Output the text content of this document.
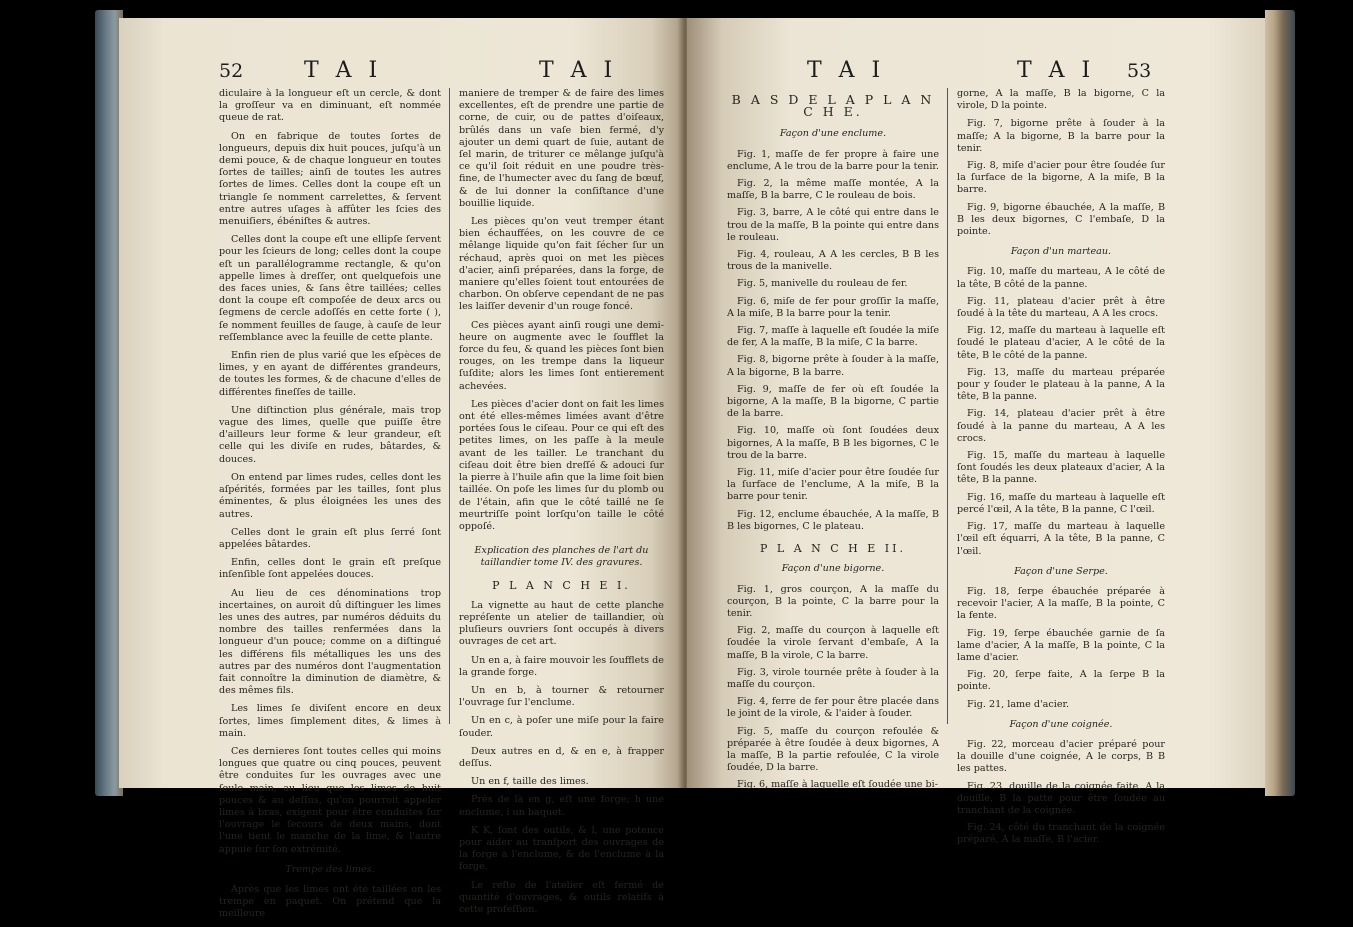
52	T A I	T A I

diculaire à la longueur eſt un cercle, & dont la groſſeur va en diminuant, eſt nommée queue de rat.

On en fabrique de toutes ſortes de longueurs, depuis dix huit pouces, juſqu'à un demi pouce, & de chaque longueur en toutes ſortes de tailles; ainſi de toutes les autres ſortes de limes. Celles dont la coupe eſt un triangle ſe nomment carrelettes, & ſervent entre autres uſages à affûter les ſcies des menuiſiers, ébéniſtes & autres.

Celles dont la coupe eſt une ellipſe ſervent pour les ſcieurs de long; celles dont la coupe eſt un parallélogramme rectangle, & qu'on appelle limes à dreſſer, ont quelquefois une des faces unies, & ſans être taillées; celles dont la coupe eſt compoſée de deux arcs ou ſegmens de cercle adoſſés en cette forte ( ), ſe nomment feuilles de ſauge, à cauſe de leur reſſemblance avec la feuille de cette plante.

Enfin rien de plus varié que les eſpèces de limes, y en ayant de différentes grandeurs, de toutes les formes, & de chacune d'elles de différentes fineſſes de taille.

Une diſtinction plus générale, mais trop vague des limes, quelle que puiſſe être d'ailleurs leur forme & leur grandeur, eſt celle qui les diviſe en rudes, bâtardes, & douces.

On entend par limes rudes, celles dont les aſpérités, formées par les tailles, ſont plus éminentes, & plus éloignées les unes des autres.

Celles dont le grain eſt plus ſerré ſont appelées bâtardes.

Enfin, celles dont le grain eſt preſque inſenſible ſont appelées douces.

Au lieu de ces dénominations trop incertaines, on auroit dû diſtinguer les limes les unes des autres, par numéros déduits du nombre des tailles renfermées dans la longueur d'un pouce; comme on a diſtingué les différens fils métalliques les uns des autres par des numéros dont l'augmentation fait connoître la diminution de diamètre, & des mêmes fils.

Les limes ſe diviſent encore en deux ſortes, limes ſimplement dites, & limes à main.

Ces dernieres ſont toutes celles qui moins longues que quatre ou cinq pouces, peuvent être conduites ſur les ouvrages avec une ſeule main, au lieu que les limes de huit pouces & au deſſus, qu'on pourroit appeler limes à bras, exigent pour être conduites ſur l'ouvrage le ſecours de deux mains, dont l'une tient le manche de la lime, & l'autre appuie ſur ſon extrémité.

Trempe des limes.

Après que les limes ont été taillées on les trempe en paquet. On prétend que la meilleure

maniere de tremper & de faire des limes excellentes, eſt de prendre une partie de corne, de cuir, ou de pattes d'oiſeaux, brûlés dans un vaſe bien fermé, d'y ajouter un demi quart de ſuie, autant de ſel marin, de triturer ce mêlange juſqu'à ce qu'il ſoit réduit en une poudre très-fine, de l'humecter avec du ſang de bœuf, & de lui donner la conſiſtance d'une bouillie liquide.

Les pièces qu'on veut tremper étant bien échauffées, on les couvre de ce mêlange liquide qu'on fait ſécher ſur un réchaud, après quoi on met les pièces d'acier, ainſi préparées, dans la forge, de maniere qu'elles ſoient tout entourées de charbon. On obſerve cependant de ne pas les laiſſer devenir d'un rouge foncé.

Ces pièces ayant ainſi rougi une demi-heure on augmente avec le ſoufflet la force du feu, & quand les pièces ſont bien rouges, on les trempe dans la liqueur ſuſdite; alors les limes ſont entierement achevées.

Les pièces d'acier dont on fait les limes ont été elles-mêmes limées avant d'être portées ſous le ciſeau. Pour ce qui eſt des petites limes, on les paſſe à la meule avant de les tailler. Le tranchant du ciſeau doit être bien dreſſé & adouci ſur la pierre à l'huile afin que la lime ſoit bien taillée. On poſe les limes ſur du plomb ou de l'étain, afin que le côté taillé ne ſe meurtriſſe point lorſqu'on taille le côté oppoſé.

Explication des planches de l'art du taillandier tome IV. des gravures.

P L A N C H E I.

La vignette au haut de cette planche repréſente un atelier de taillandier, où pluſieurs ouvriers ſont occupés à divers ouvrages de cet art.

Un en a, à faire mouvoir les ſoufflets de la grande forge.

Un en b, à tourner & retourner l'ouvrage ſur l'enclume.

Un en c, à poſer une miſe pour la faire ſouder.

Deux autres en d, & en e, à frapper deſſus.

Un en f, taille des limes.

Près de là en g, eſt une forge; h une enclume, i un baquet.

K K, ſont des outils, & l, une potence pour aider au tranſport des ouvrages de la forge à l'enclume, & de l'enclume à la forge.

Le reſte de l'atelier eſt fermé de quantité d'ouvrages, & outils relatifs à cette profeſſion.

T A I	T A I 53

B A S D E L A P L A N C H E.

Façon d'une enclume.

Fig. 1, maſſe de fer propre à faire une enclume, A le trou de la barre pour la tenir.

Fig. 2, la même maſſe montée, A la maſſe, B la barre, C le rouleau de bois.

Fig. 3, barre, A le côté qui entre dans le trou de la maſſe, B la pointe qui entre dans le rouleau.

Fig. 4, rouleau, A A les cercles, B B les trous de la manivelle.

Fig. 5, manivelle du rouleau de fer.

Fig. 6, miſe de fer pour groſſir la maſſe, A la miſe, B la barre pour la tenir.

Fig. 7, maſſe à laquelle eſt ſoudée la miſe de fer, A la maſſe, B la miſe, C la barre.

Fig. 8, bigorne prête à ſouder à la maſſe, A la bigorne, B la barre.

Fig. 9, maſſe de fer où eſt ſoudée la bigorne, A la maſſe, B la bigorne, C partie de la barre.

Fig. 10, maſſe où ſont ſoudées deux bigornes, A la maſſe, B B les bigornes, C le trou de la barre.

Fig. 11, miſe d'acier pour être ſoudée ſur la ſurface de l'enclume, A la miſe, B la barre pour tenir.

Fig. 12, enclume ébauchée, A la maſſe, B B les bigornes, C le plateau.

P L A N C H E II.

Façon d'une bigorne.

Fig. 1, gros courçon, A la maſſe du courçon, B la pointe, C la barre pour la tenir.

Fig. 2, maſſe du courçon à laquelle eſt ſoudée la virole ſervant d'embaſe, A la maſſe, B la virole, C la barre.

Fig. 3, virole tournée prête à ſouder à la maſſe du courçon.

Fig. 4, ferre de fer pour être placée dans le joint de la virole, & l'aider à ſouder.

Fig. 5, maſſe du courçon refoulée & préparée à être ſoudée à deux bigornes, A la maſſe, B la partie refoulée, C la virole ſoudée, D la barre.

Fig. 6, maſſe à laquelle eſt ſoudée une bi-

gorne, A la maſſe, B la bigorne, C la virole, D la pointe.

Fig. 7, bigorne prête à ſouder à la maſſe; A la bigorne, B la barre pour la tenir.

Fig. 8, miſe d'acier pour être ſoudée ſur la ſurface de la bigorne, A la miſe, B la barre.

Fig. 9, bigorne ébauchée, A la maſſe, B B les deux bigornes, C l'embaſe, D la pointe.

Façon d'un marteau.

Fig. 10, maſſe du marteau, A le côté de la tête, B côté de la panne.

Fig. 11, plateau d'acier prêt à être ſoudé à la tête du marteau, A A les crocs.

Fig. 12, maſſe du marteau à laquelle eſt ſoudé le plateau d'acier, A le côté de la tête, B le côté de la panne.

Fig. 13, maſſe du marteau préparée pour y ſouder le plateau à la panne, A la tête, B la panne.

Fig. 14, plateau d'acier prêt à être ſoudé à la panne du marteau, A A les crocs.

Fig. 15, maſſe du marteau à laquelle ſont ſoudés les deux plateaux d'acier, A la tête, B la panne.

Fig. 16, maſſe du marteau à laquelle eſt percé l'œil, A la tête, B la panne, C l'œil.

Fig. 17, maſſe du marteau à laquelle l'œil eſt équarri, A la tête, B la panne, C l'œil.

Façon d'une Serpe.

Fig. 18, ſerpe ébauchée préparée à recevoir l'acier, A la maſſe, B la pointe, C la fente.

Fig. 19, ſerpe ébauchée garnie de ſa lame d'acier, A la maſſe, B la pointe, C la lame d'acier.

Fig. 20, ſerpe faite, A la ſerpe B la pointe.

Fig. 21, lame d'acier.

Façon d'une coignée.

Fig. 22, morceau d'acier préparé pour la douille d'une coignée, A le corps, B B les pattes.

Fig. 23, douille de la coignée faite, A la douille, B la patte pour être ſoudée au tranchant de la coignée.

Fig. 24, côté du tranchant de la coignée préparé, A la maſſe, B l'acier.
